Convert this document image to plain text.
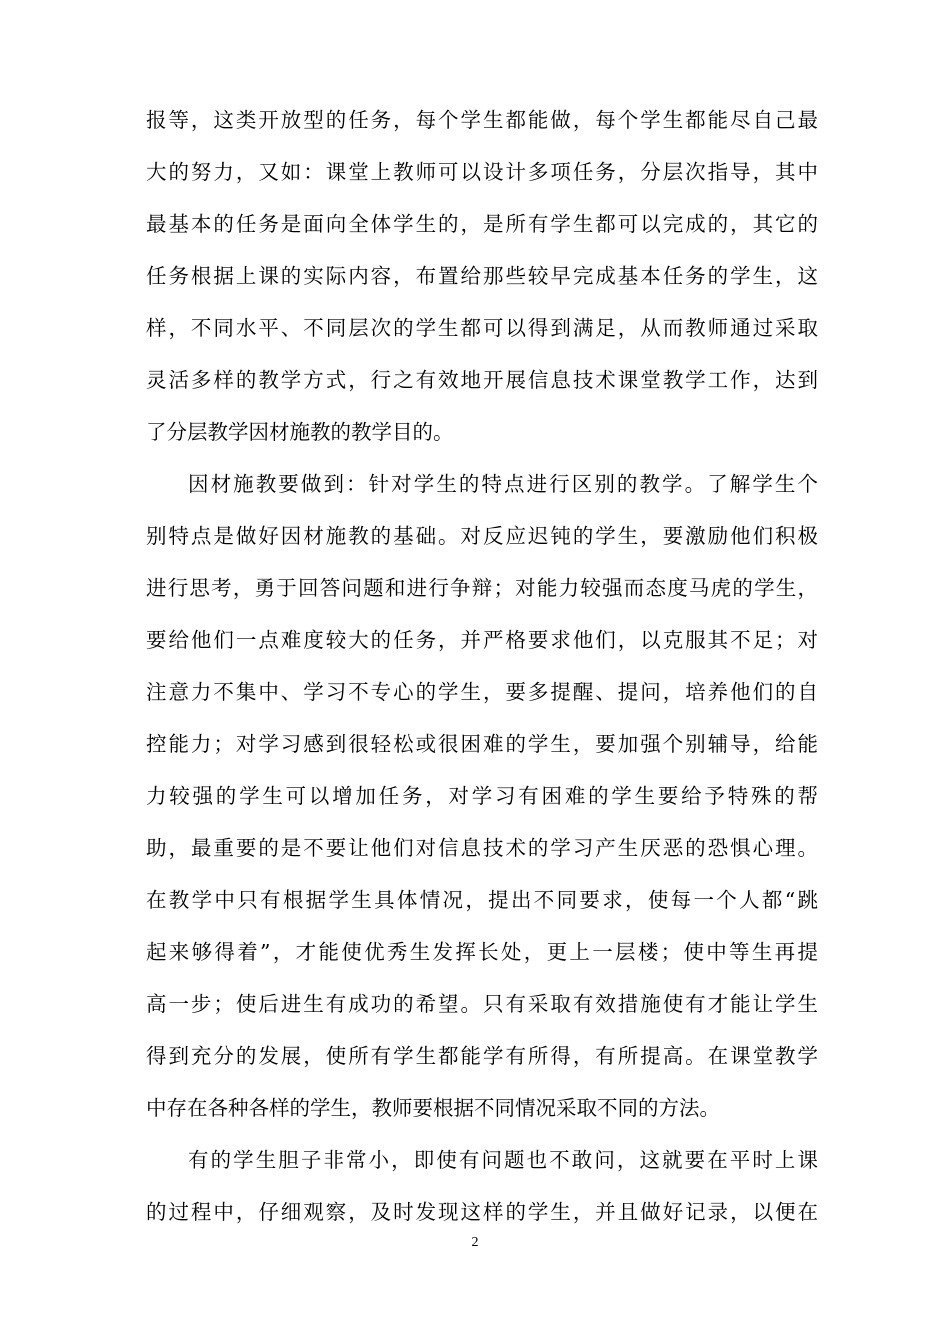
报等，这类开放型的任务，每个学生都能做，每个学生都能尽自己最
大的努力，又如：课堂上教师可以设计多项任务，分层次指导，其中
最基本的任务是面向全体学生的，是所有学生都可以完成的，其它的
任务根据上课的实际内容，布置给那些较早完成基本任务的学生，这
样，不同水平、不同层次的学生都可以得到满足，从而教师通过采取
灵活多样的教学方式，行之有效地开展信息技术课堂教学工作，达到
了分层教学因材施教的教学目的。
因材施教要做到：针对学生的特点进行区别的教学。了解学生个
别特点是做好因材施教的基础。对反应迟钝的学生，要激励他们积极
进行思考，勇于回答问题和进行争辩；对能力较强而态度马虎的学生，
要给他们一点难度较大的任务，并严格要求他们，以克服其不足；对
注意力不集中、学习不专心的学生，要多提醒、提问，培养他们的自
控能力；对学习感到很轻松或很困难的学生，要加强个别辅导，给能
力较强的学生可以增加任务，对学习有困难的学生要给予特殊的帮
助，最重要的是不要让他们对信息技术的学习产生厌恶的恐惧心理。
在教学中只有根据学生具体情况，提出不同要求，使每一个人都“跳
起来够得着”，才能使优秀生发挥长处，更上一层楼；使中等生再提
高一步；使后进生有成功的希望。只有采取有效措施使有才能让学生
得到充分的发展，使所有学生都能学有所得，有所提高。在课堂教学
中存在各种各样的学生，教师要根据不同情况采取不同的方法。
有的学生胆子非常小，即使有问题也不敢问，这就要在平时上课
的过程中，仔细观察，及时发现这样的学生，并且做好记录，以便在
2
